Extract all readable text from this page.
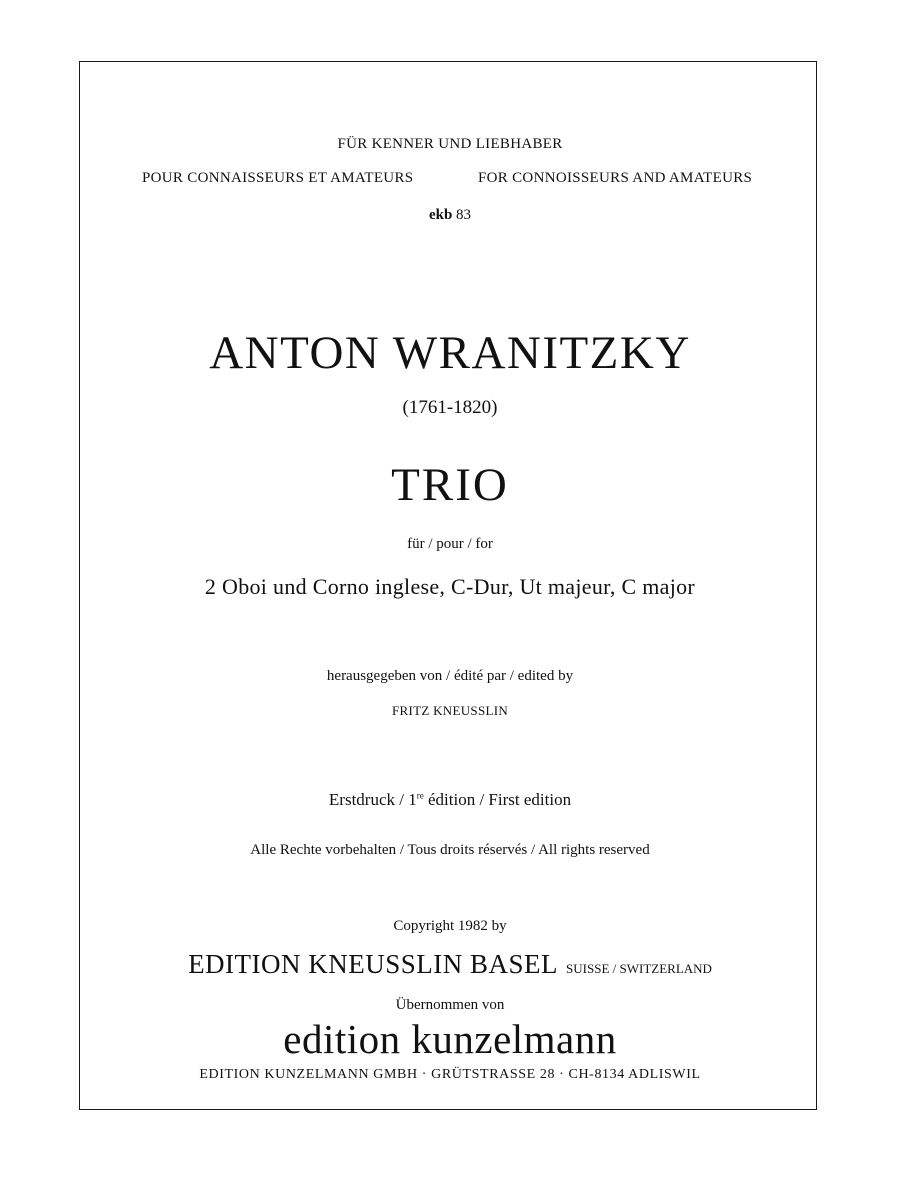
FÜR KENNER UND LIEBHABER
POUR CONNAISSEURS ET AMATEURS	FOR CONNOISSEURS AND AMATEURS
ekb 83
ANTON WRANITZKY
(1761-1820)
TRIO
für / pour / for
2 Oboi und Corno inglese, C-Dur, Ut majeur, C major
herausgegeben von / édité par / edited by
FRITZ KNEUSSLIN
Erstdruck / 1re édition / First edition
Alle Rechte vorbehalten / Tous droits réservés / All rights reserved
Copyright 1982 by
EDITION KNEUSSLIN BASEL SUISSE / SWITZERLAND
Übernommen von
edition kunzelmann
EDITION KUNZELMANN GMBH · GRÜTSTRASSE 28 · CH-8134 ADLISWIL
